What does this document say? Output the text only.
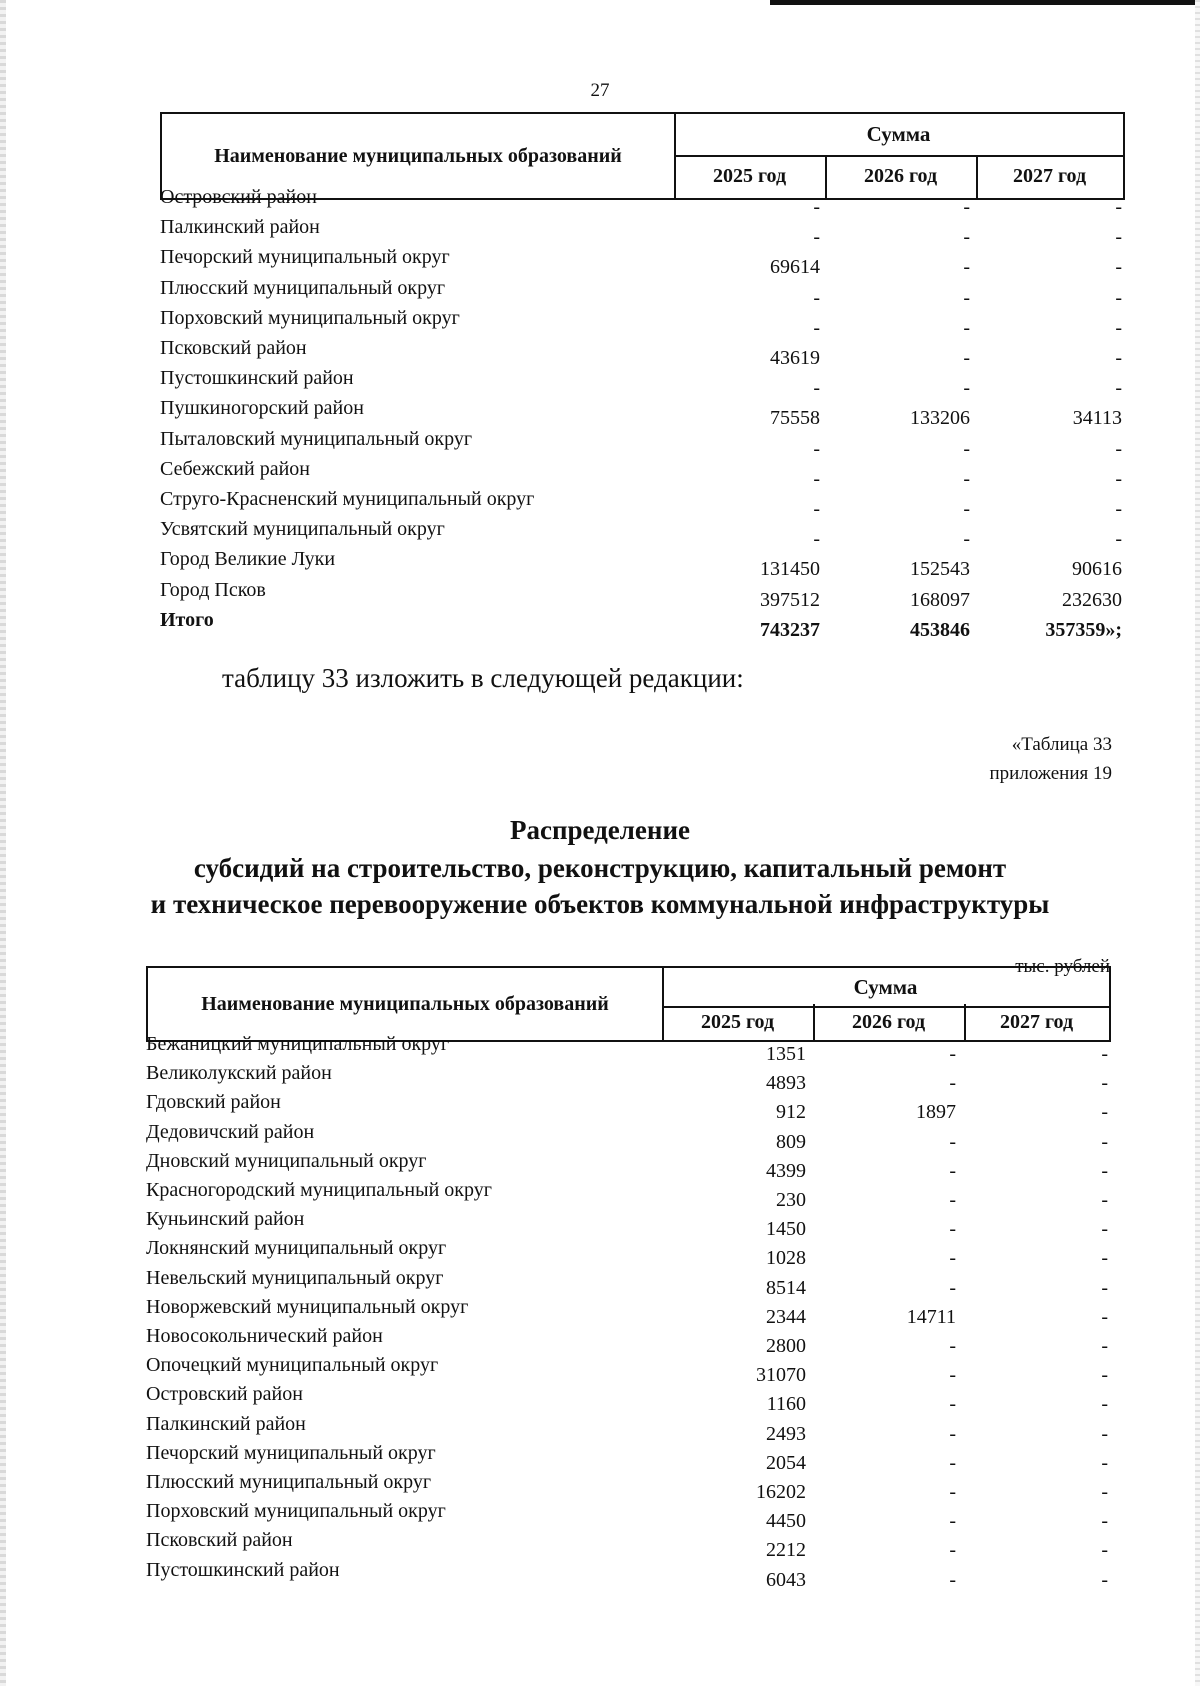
27
Наименование муниципальных образований
Сумма
2025 год	2026 год	2027 год
Островский район	-	-	-
Палкинский район	-	-	-
Печорский муниципальный округ	69614	-	-
Плюсский муниципальный округ	-	-	-
Порховский муниципальный округ	-	-	-
Псковский район	43619	-	-
Пустошкинский район	-	-	-
Пушкиногорский район	75558	133206	34113
Пыталовский муниципальный округ	-	-	-
Себежский район	-	-	-
Струго-Красненский муниципальный округ	-	-	-
Усвятский муниципальный округ	-	-	-
Город Великие Луки	131450	152543	90616
Город Псков	397512	168097	232630
Итого	743237	453846	357359»;
таблицу 33 изложить в следующей редакции:
«Таблица 33
приложения 19
Распределение
субсидий на строительство, реконструкцию, капитальный ремонт
и техническое перевооружение объектов коммунальной инфраструктуры
тыс. рублей
Наименование муниципальных образований
Сумма
2025 год	2026 год	2027 год
Бежаницкий муниципальный округ	1351	-	-
Великолукский район	4893	-	-
Гдовский район	912	1897	-
Дедовичский район	809	-	-
Дновский муниципальный округ	4399	-	-
Красногородский муниципальный округ	230	-	-
Куньинский район	1450	-	-
Локнянский муниципальный округ	1028	-	-
Невельский муниципальный округ	8514	-	-
Новоржевский муниципальный округ	2344	14711	-
Новосокольнический район	2800	-	-
Опочецкий муниципальный округ	31070	-	-
Островский район	1160	-	-
Палкинский район	2493	-	-
Печорский муниципальный округ	2054	-	-
Плюсский муниципальный округ	16202	-	-
Порховский муниципальный округ	4450	-	-
Псковский район	2212	-	-
Пустошкинский район	6043	-	-
